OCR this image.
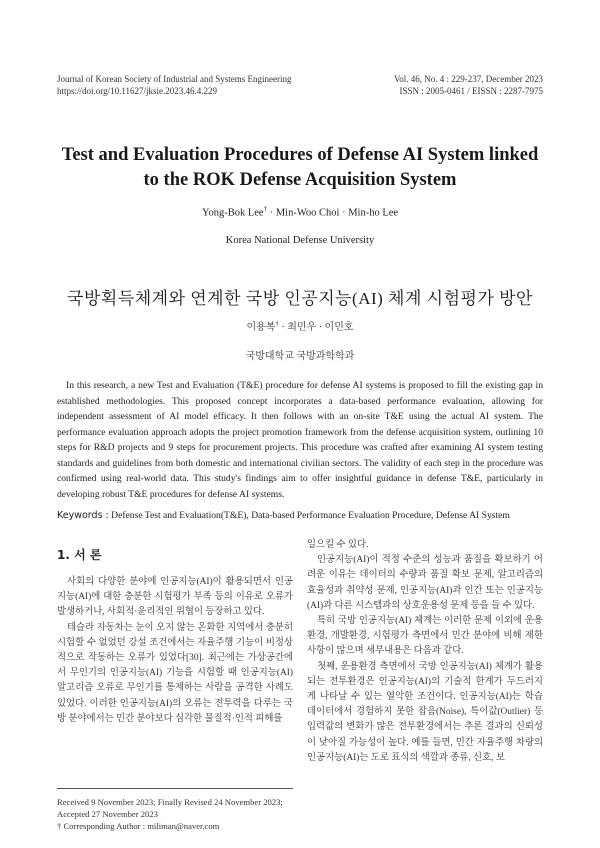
Journal of Korean Society of Industrial and Systems Engineering
https://doi.org/10.11627/jksie.2023.46.4.229
Vol. 46, No. 4 : 229-237, December 2023
ISSN : 2005-0461 / EISSN : 2287-7975
Test and Evaluation Procedures of Defense AI System linked
to the ROK Defense Acquisition System
Yong-Bok Lee† · Min-Woo Choi · Min-ho Lee
Korea National Defense University
국방획득체계와 연계한 국방 인공지능(AI) 체계 시험평가 방안
이용복† · 최민우 · 이민호
국방대학교 국방과학학과
In this research, a new Test and Evaluation (T&E) procedure for defense AI systems is proposed to fill the existing gap in established methodologies. This proposed concept incorporates a data-based performance evaluation, allowing for independent assessment of AI model efficacy. It then follows with an on-site T&E using the actual AI system. The performance evaluation approach adopts the project promotion framework from the defense acquisition system, outlining 10 steps for R&D projects and 9 steps for procurement projects. This procedure was crafted after examining AI system testing standards and guidelines from both domestic and international civilian sectors. The validity of each step in the procedure was confirmed using real-world data. This study's findings aim to offer insightful guidance in defense T&E, particularly in developing robust T&E procedures for defense AI systems.
Keywords : Defense Test and Evaluation(T&E), Data-based Performance Evaluation Procedure, Defense AI System
1. 서 론

사회의 다양한 분야에 인공지능(AI)이 활용되면서 인공지능(AI)에 대한 충분한 시험평가 부족 등의 이유로 오류가 발생하거나, 사회적·윤리적인 위협이 등장하고 있다.

테슬라 자동차는 눈이 오지 않는 온화한 지역에서 충분히 시험할 수 없었던 강설 조건에서는 자율주행 기능이 비정상적으로 작동하는 오류가 있었다[30]. 최근에는 가상공간에서 무인기의 인공지능(AI) 기능을 시험할 때 인공지능(AI) 알고리즘 오류로 무인기를 통제하는 사람을 공격한 사례도 있었다. 이러한 인공지능(AI)의 오류는 전투력을 다루는 국방 분야에서는 민간 분야보다 심각한 물질적·인적 피해를

일으킬 수 있다.

인공지능(AI)이 적정 수준의 성능과 품질을 확보하기 어려운 이유는 데이터의 수량과 품질 확보 문제, 알고리즘의 효율성과 취약성 문제, 인공지능(AI)과 인간 또는 인공지능(AI)과 다른 시스템과의 상호운용성 문제 등을 들 수 있다.

특히 국방 인공지능(AI) 체계는 이러한 문제 이외에 운용환경, 개발환경, 시험평가 측면에서 민간 분야에 비해 제한사항이 많으며 세부내용은 다음과 같다.

첫째, 운용환경 측면에서 국방 인공지능(AI) 체계가 활용되는 전투환경은 인공지능(AI)의 기술적 한계가 두드러지게 나타날 수 있는 열악한 조건이다. 인공지능(AI)는 학습 데이터에서 경험하지 못한 잡음(Noise), 특이값(Outlier) 등 입력값의 변화가 많은 전투환경에서는 추론 결과의 신뢰성이 낮아질 가능성이 높다. 예를 들면, 민간 자율주행 차량의 인공지능(AI)는 도로 표식의 색깔과 종류, 신호, 보

Received 9 November 2023; Finally Revised 24 November 2023;
Accepted 27 November 2023
† Corresponding Author : miliman@naver.com
